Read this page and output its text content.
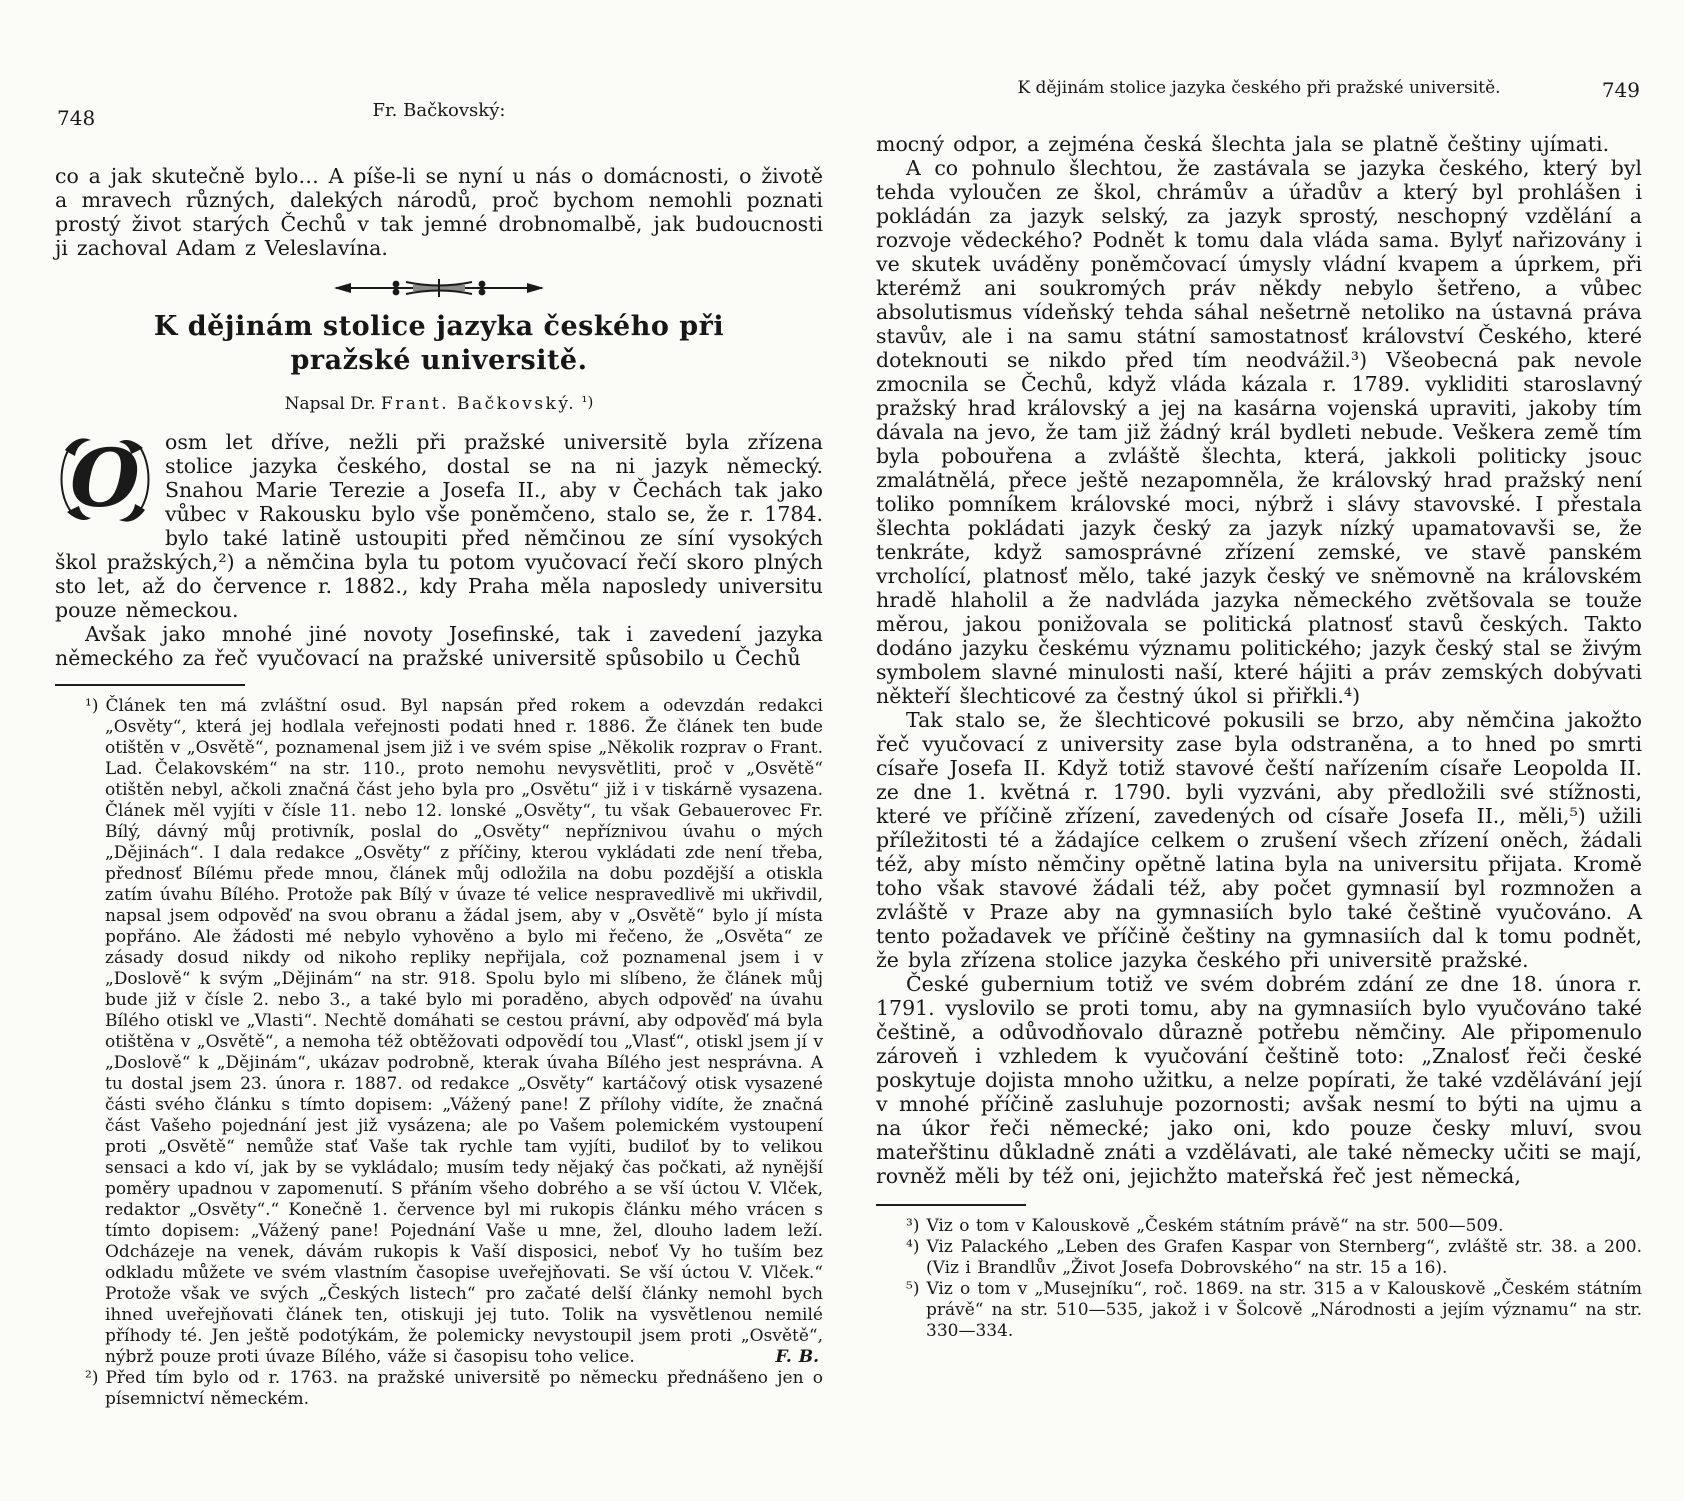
748	Fr. Bačkovský:

co a jak skutečně bylo… A píše-li se nyní u nás o domácnosti, o životě a mravech různých, dalekých národů, proč bychom nemohli poznati prostý život starých Čechů v tak jemné drobnomalbě, jak budoucnosti ji zachoval Adam z Veleslavína.

K dějinám stolice jazyka českého při pražské universitě.
Napsal Dr. Frant. Bačkovský. ¹)

O osm let dříve, nežli při pražské universitě byla zřízena stolice jazyka českého, dostal se na ni jazyk německý. Snahou Marie Terezie a Josefa II., aby v Čechách tak jako vůbec v Rakousku bylo vše poněmčeno, stalo se, že r. 1784. bylo také latině ustoupiti před němčinou ze síní vysokých škol pražských,²) a němčina byla tu potom vyučovací řečí skoro plných sto let, až do července r. 1882., kdy Praha měla naposledy universitu pouze německou.

Avšak jako mnohé jiné novoty Josefinské, tak i zavedení jazyka německého za řeč vyučovací na pražské universitě spůsobilo u Čechů

¹) Článek ten má zvláštní osud. Byl napsán před rokem a odevzdán redakci „Osvěty“, která jej hodlala veřejnosti podati hned r. 1886. Že článek ten bude otištěn v „Osvětě“, poznamenal jsem již i ve svém spise „Několik rozprav o Frant. Lad. Čelakovském“ na str. 110., proto nemohu nevysvětliti, proč v „Osvětě“ otištěn nebyl, ačkoli značná část jeho byla pro „Osvětu“ již i v tiskárně vysazena. Článek měl vyjíti v čísle 11. nebo 12. lonské „Osvěty“, tu však Gebauerovec Fr. Bílý, dávný můj protivník, poslal do „Osvěty“ nepříznivou úvahu o mých „Dějinách“. I dala redakce „Osvěty“ z příčiny, kterou vykládati zde není třeba, přednosť Bílému přede mnou, článek můj odložila na dobu pozdější a otiskla zatím úvahu Bílého. Protože pak Bílý v úvaze té velice nespravedlivě mi ukřivdil, napsal jsem odpověď na svou obranu a žádal jsem, aby v „Osvětě“ bylo jí místa popřáno. Ale žádosti mé nebylo vyhověno a bylo mi řečeno, že „Osvěta“ ze zásady dosud nikdy od nikoho repliky nepřijala, což poznamenal jsem i v „Doslově“ k svým „Dějinám“ na str. 918. Spolu bylo mi slíbeno, že článek můj bude již v čísle 2. nebo 3., a také bylo mi poraděno, abych odpověď na úvahu Bílého otiskl ve „Vlasti“. Nechtě domáhati se cestou právní, aby odpověď má byla otištěna v „Osvětě“, a nemoha též obtěžovati odpovědí tou „Vlasť“, otiskl jsem jí v „Doslově“ k „Dějinám“, ukázav podrobně, kterak úvaha Bílého jest nesprávna. A tu dostal jsem 23. února r. 1887. od redakce „Osvěty“ kartáčový otisk vysazené části svého článku s tímto dopisem: „Vážený pane! Z přílohy vidíte, že značná část Vašeho pojednání jest již vysázena; ale po Vašem polemickém vystoupení proti „Osvětě“ nemůže stať Vaše tak rychle tam vyjíti, budiloť by to velikou sensaci a kdo ví, jak by se vykládalo; musím tedy nějaký čas počkati, až nynější poměry upadnou v zapomenutí. S přáním všeho dobrého a se vší úctou V. Vlček, redaktor „Osvěty“.“ Konečně 1. července byl mi rukopis článku mého vrácen s tímto dopisem: „Vážený pane! Pojednání Vaše u mne, žel, dlouho ladem leží. Odcházeje na venek, dávám rukopis k Vaší disposici, neboť Vy ho tuším bez odkladu můžete ve svém vlastním časopise uveřejňovati. Se vší úctou V. Vlček.“ Protože však ve svých „Českých listech“ pro začaté delší články nemohl bych ihned uveřejňovati článek ten, otiskuji jej tuto. Tolik na vysvětlenou nemilé příhody té. Jen ještě podotýkám, že polemicky nevystoupil jsem proti „Osvětě“, nýbrž pouze proti úvaze Bílého, váže si časopisu toho velice.	F. B.
²) Před tím bylo od r. 1763. na pražské universitě po německu přednášeno jen o písemnictví německém.
K dějinám stolice jazyka českého při pražské universitě.	749

mocný odpor, a zejména česká šlechta jala se platně češtiny ujímati.

A co pohnulo šlechtou, že zastávala se jazyka českého, který byl tehda vyloučen ze škol, chrámův a úřadův a který byl prohlášen i pokládán za jazyk selský, za jazyk sprostý, neschopný vzdělání a rozvoje vědeckého? Podnět k tomu dala vláda sama. Bylyť nařizovány i ve skutek uváděny poněmčovací úmysly vládní kvapem a úprkem, při kterémž ani soukromých práv někdy nebylo šetřeno, a vůbec absolutismus vídeňský tehda sáhal nešetrně netoliko na ústavná práva stavův, ale i na samu státní samostatnosť království Českého, které doteknouti se nikdo před tím neodvážil.³) Všeobecná pak nevole zmocnila se Čechů, když vláda kázala r. 1789. vykliditi staroslavný pražský hrad královský a jej na kasárna vojenská upraviti, jakoby tím dávala na jevo, že tam již žádný král bydleti nebude. Veškera země tím byla pobouřena a zvláště šlechta, která, jakkoli politicky jsouc zmalátnělá, přece ještě nezapomněla, že královský hrad pražský není toliko pomníkem královské moci, nýbrž i slávy stavovské. I přestala šlechta pokládati jazyk český za jazyk nízký upamatovavši se, že tenkráte, když samosprávné zřízení zemské, ve stavě panském vrcholící, platnosť mělo, také jazyk český ve sněmovně na královském hradě hlaholil a že nadvláda jazyka německého zvětšovala se touže měrou, jakou ponižovala se politická platnosť stavů českých. Takto dodáno jazyku českému významu politického; jazyk český stal se živým symbolem slavné minulosti naší, které hájiti a práv zemských dobývati někteří šlechticové za čestný úkol si přiřkli.⁴)

Tak stalo se, že šlechticové pokusili se brzo, aby němčina jakožto řeč vyučovací z university zase byla odstraněna, a to hned po smrti císaře Josefa II. Když totiž stavové čeští nařízením císaře Leopolda II. ze dne 1. květná r. 1790. byli vyzváni, aby předložili své stížnosti, které ve příčině zřízení, zavedených od císaře Josefa II., měli,⁵) užili příležitosti té a žádajíce celkem o zrušení všech zřízení oněch, žádali též, aby místo němčiny opětně latina byla na universitu přijata. Kromě toho však stavové žádali též, aby počet gymnasií byl rozmnožen a zvláště v Praze aby na gymnasiích bylo také češtině vyučováno. A tento požadavek ve příčině češtiny na gymnasiích dal k tomu podnět, že byla zřízena stolice jazyka českého při universitě pražské.

České gubernium totiž ve svém dobrém zdání ze dne 18. února r. 1791. vyslovilo se proti tomu, aby na gymnasiích bylo vyučováno také češtině, a odůvodňovalo důrazně potřebu němčiny. Ale připomenulo zároveň i vzhledem k vyučování češtině toto: „Znalosť řeči české poskytuje dojista mnoho užitku, a nelze popírati, že také vzdělávání její v mnohé příčině zasluhuje pozornosti; avšak nesmí to býti na ujmu a na úkor řeči německé; jako oni, kdo pouze česky mluví, svou mateřštinu důkladně znáti a vzdělávati, ale také německy učiti se mají, rovněž měli by též oni, jejichžto mateřská řeč jest německá,

³) Viz o tom v Kalouskově „Českém státním právě“ na str. 500—509.
⁴) Viz Palackého „Leben des Grafen Kaspar von Sternberg“, zvláště str. 38. a 200. (Viz i Brandlův „Život Josefa Dobrovského“ na str. 15 a 16).
⁵) Viz o tom v „Musejníku“, roč. 1869. na str. 315 a v Kalouskově „Českém státním právě“ na str. 510—535, jakož i v Šolcově „Národnosti a jejím významu“ na str. 330—334.
